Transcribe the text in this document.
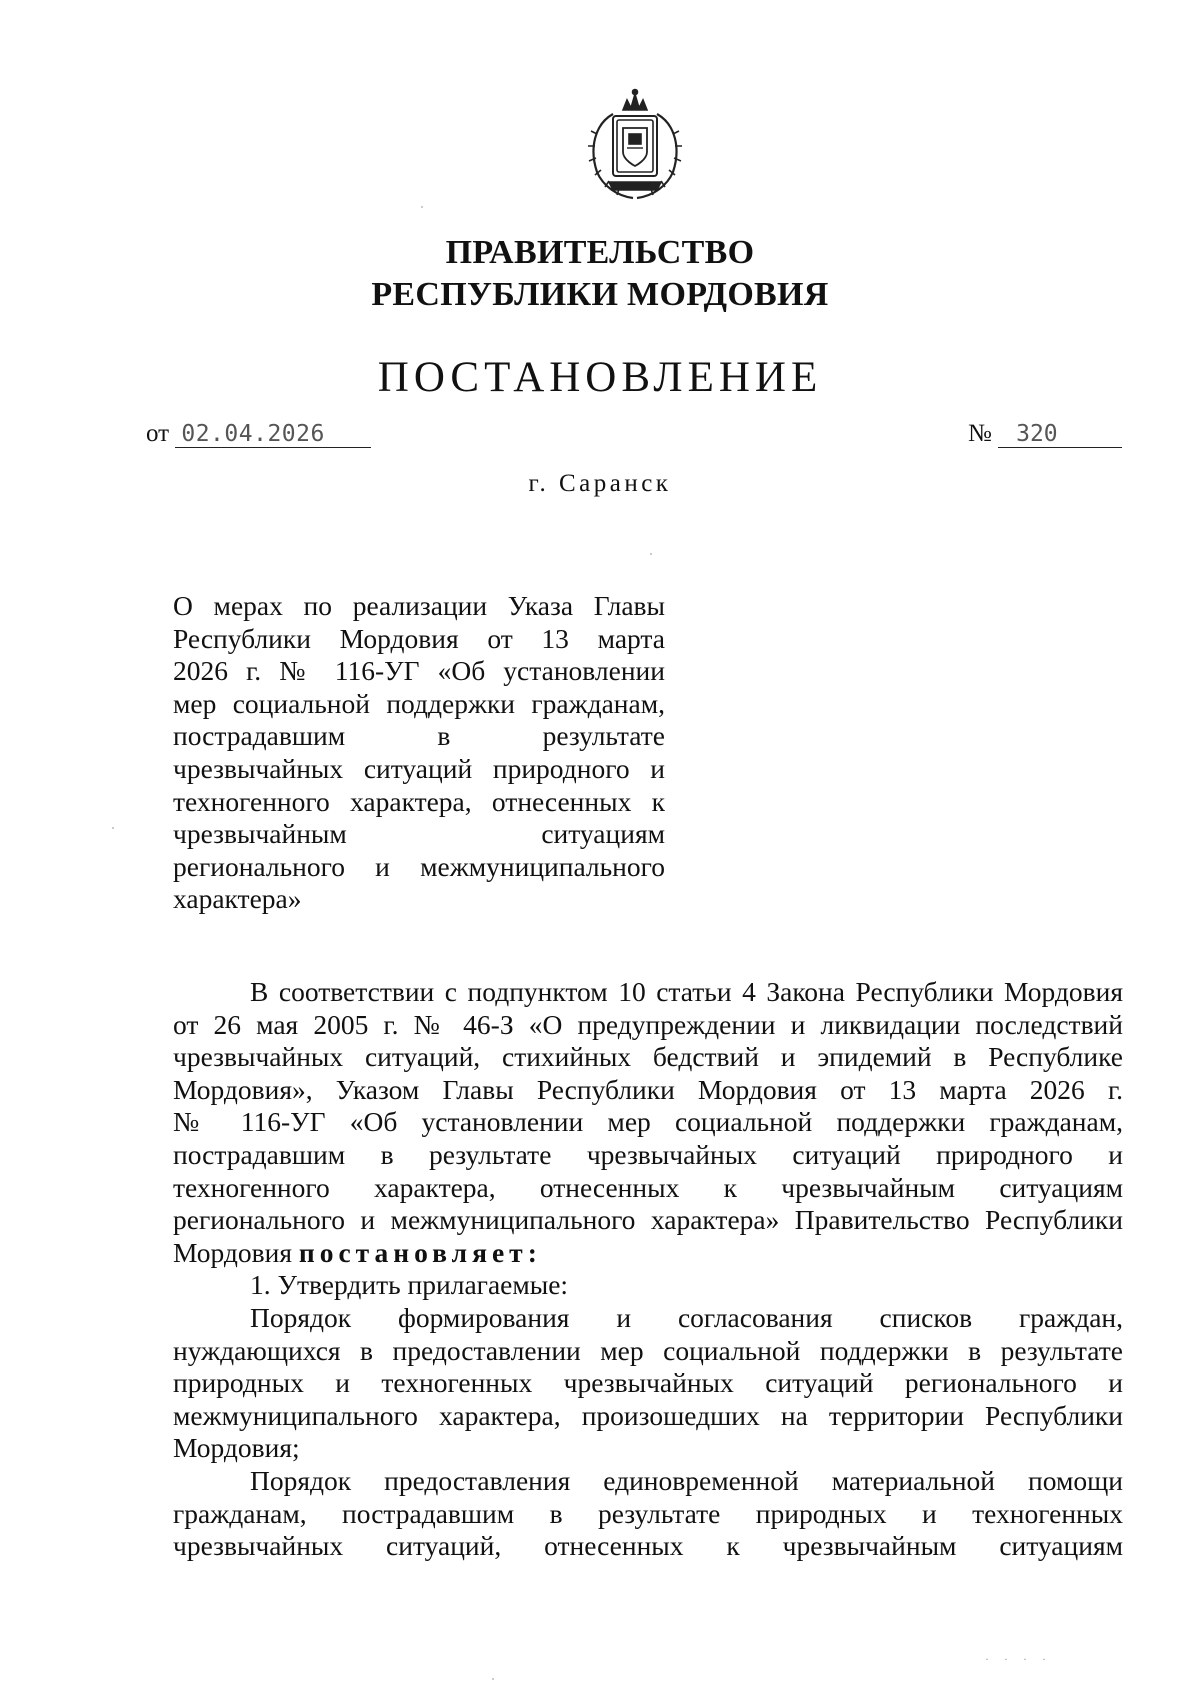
ПРАВИТЕЛЬСТВО
РЕСПУБЛИКИ МОРДОВИЯ
ПОСТАНОВЛЕНИЕ
от 02.04.2026	№ 320
г. Саранск
О мерах по реализации Указа Главы
Республики Мордовия от 13 марта
2026 г. № 116-УГ «Об установлении
мер социальной поддержки гражданам,
пострадавшим в результате
чрезвычайных ситуаций природного и
техногенного характера, отнесенных к
чрезвычайным ситуациям
регионального и межмуниципального
характера»
В соответствии с подпунктом 10 статьи 4 Закона Республики Мордовия
от 26 мая 2005 г. № 46-З «О предупреждении и ликвидации последствий
чрезвычайных ситуаций, стихийных бедствий и эпидемий в Республике
Мордовия», Указом Главы Республики Мордовия от 13 марта 2026 г.
№ 116-УГ «Об установлении мер социальной поддержки гражданам,
пострадавшим в результате чрезвычайных ситуаций природного и
техногенного характера, отнесенных к чрезвычайным ситуациям
регионального и межмуниципального характера» Правительство Республики
Мордовия постановляет:
1. Утвердить прилагаемые:
Порядок формирования и согласования списков граждан,
нуждающихся в предоставлении мер социальной поддержки в результате
природных и техногенных чрезвычайных ситуаций регионального и
межмуниципального характера, произошедших на территории Республики
Мордовия;
Порядок предоставления единовременной материальной помощи
гражданам, пострадавшим в результате природных и техногенных
чрезвычайных ситуаций, отнесенных к чрезвычайным ситуациям
· · · ·
